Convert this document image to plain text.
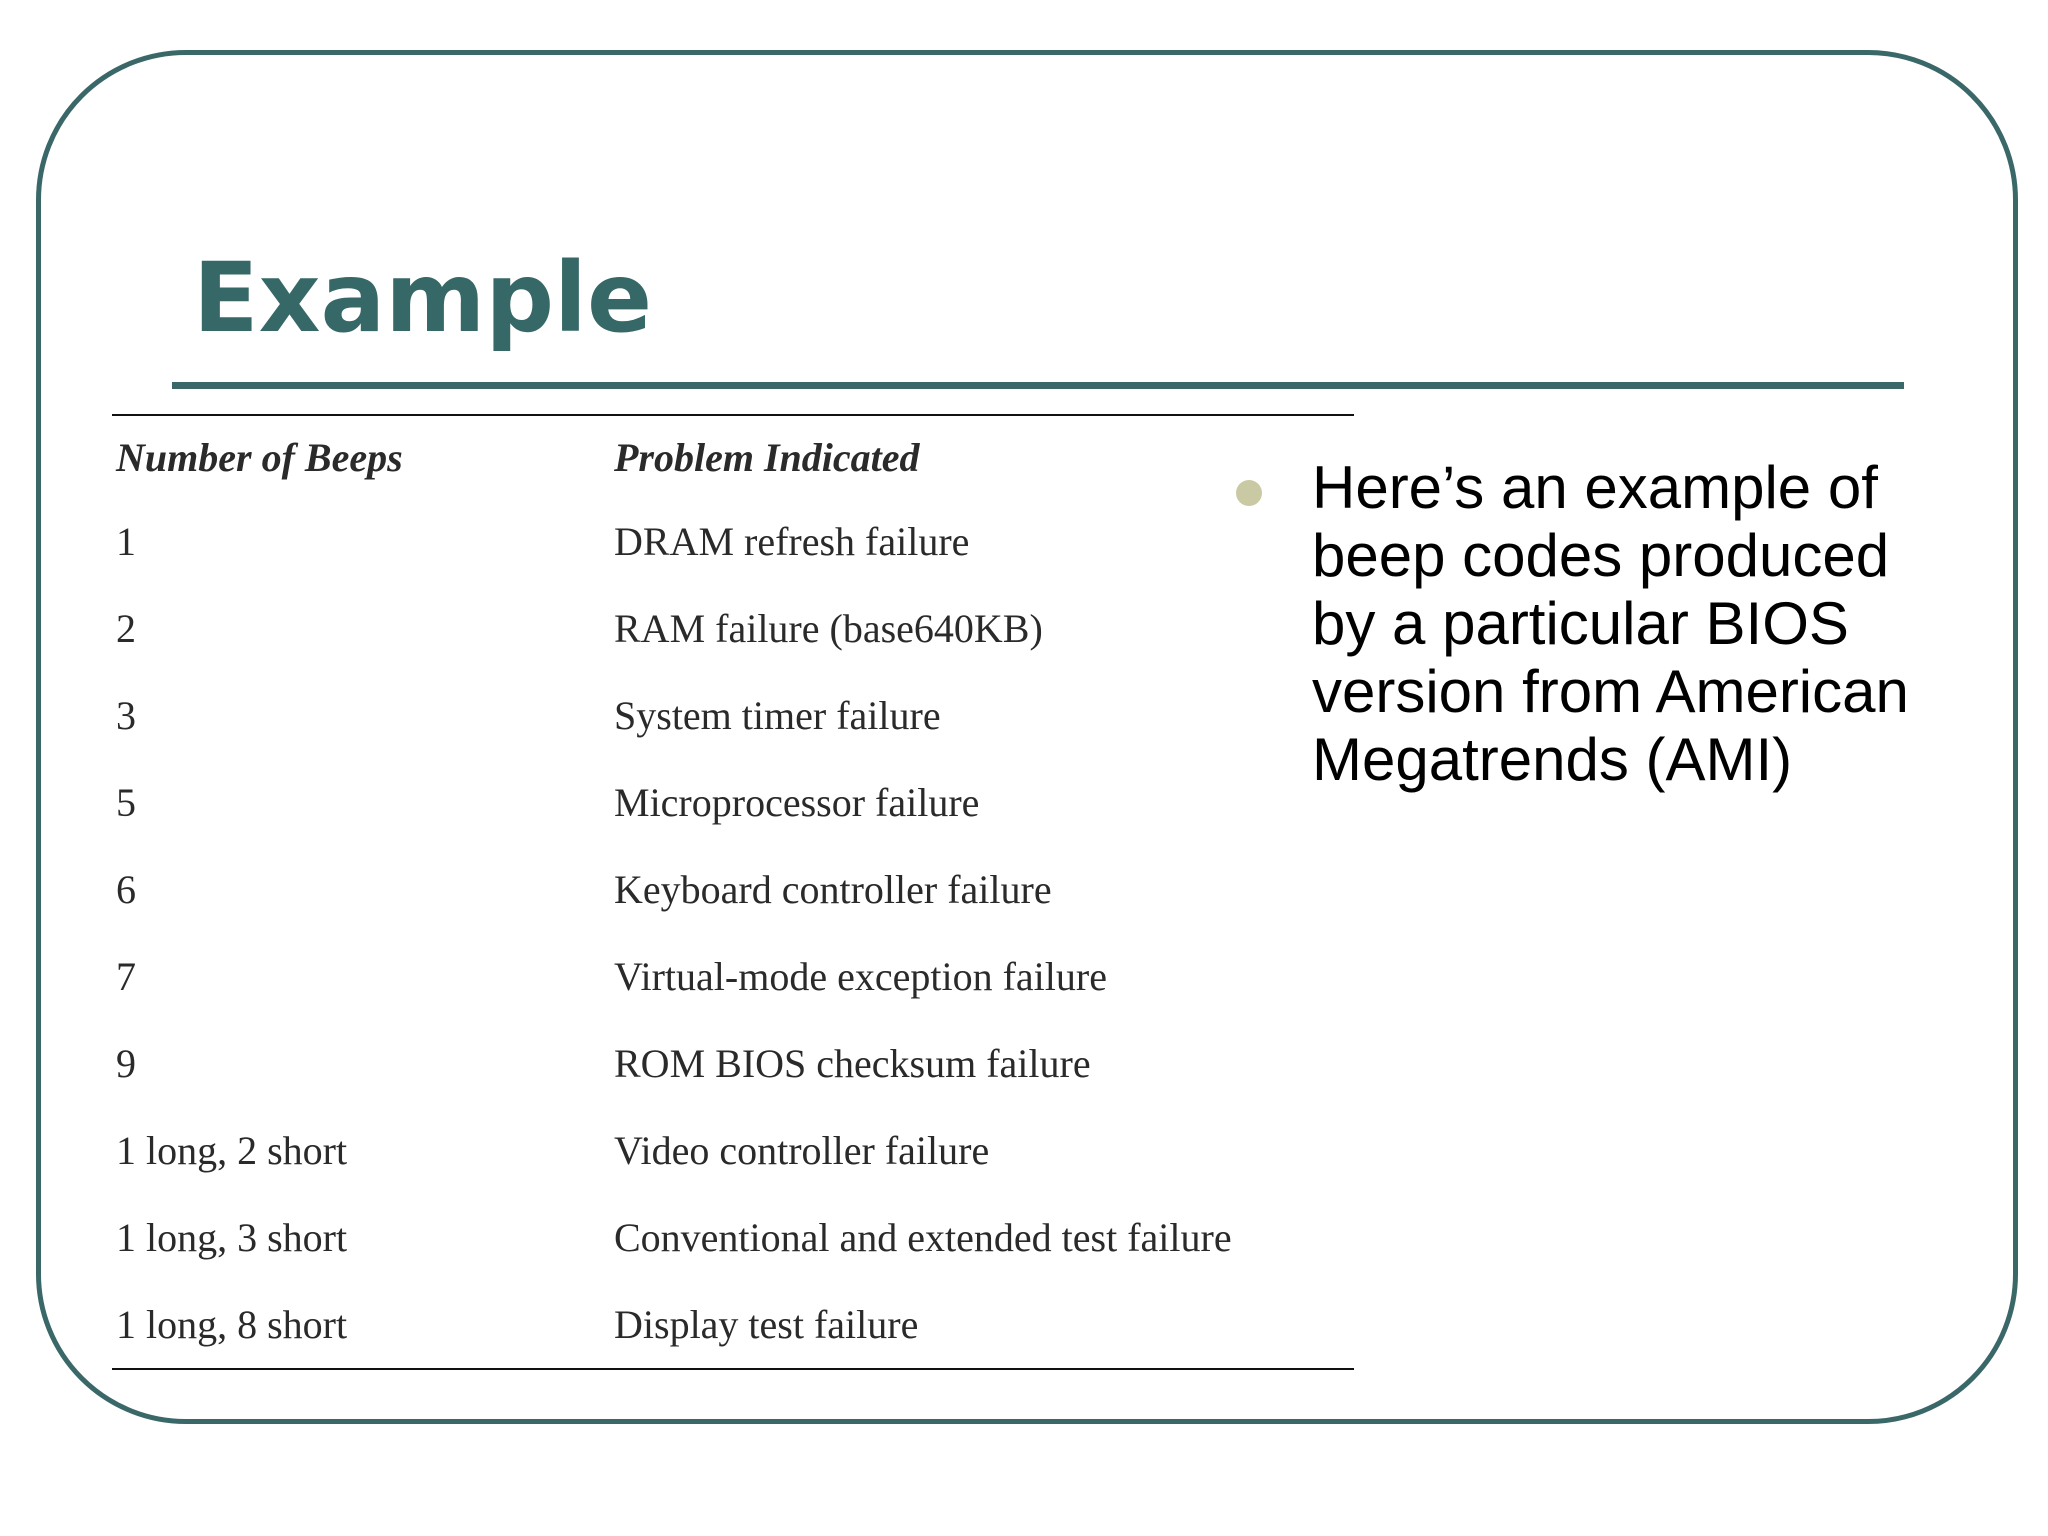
Example
Number of Beeps	Problem Indicated
1	DRAM refresh failure
2	RAM failure (base640KB)
3	System timer failure
5	Microprocessor failure
6	Keyboard controller failure
7	Virtual-mode exception failure
9	ROM BIOS checksum failure
1 long, 2 short	Video controller failure
1 long, 3 short	Conventional and extended test failure
1 long, 8 short	Display test failure

Here’s an example of beep codes produced by a particular BIOS version from American Megatrends (AMI)
